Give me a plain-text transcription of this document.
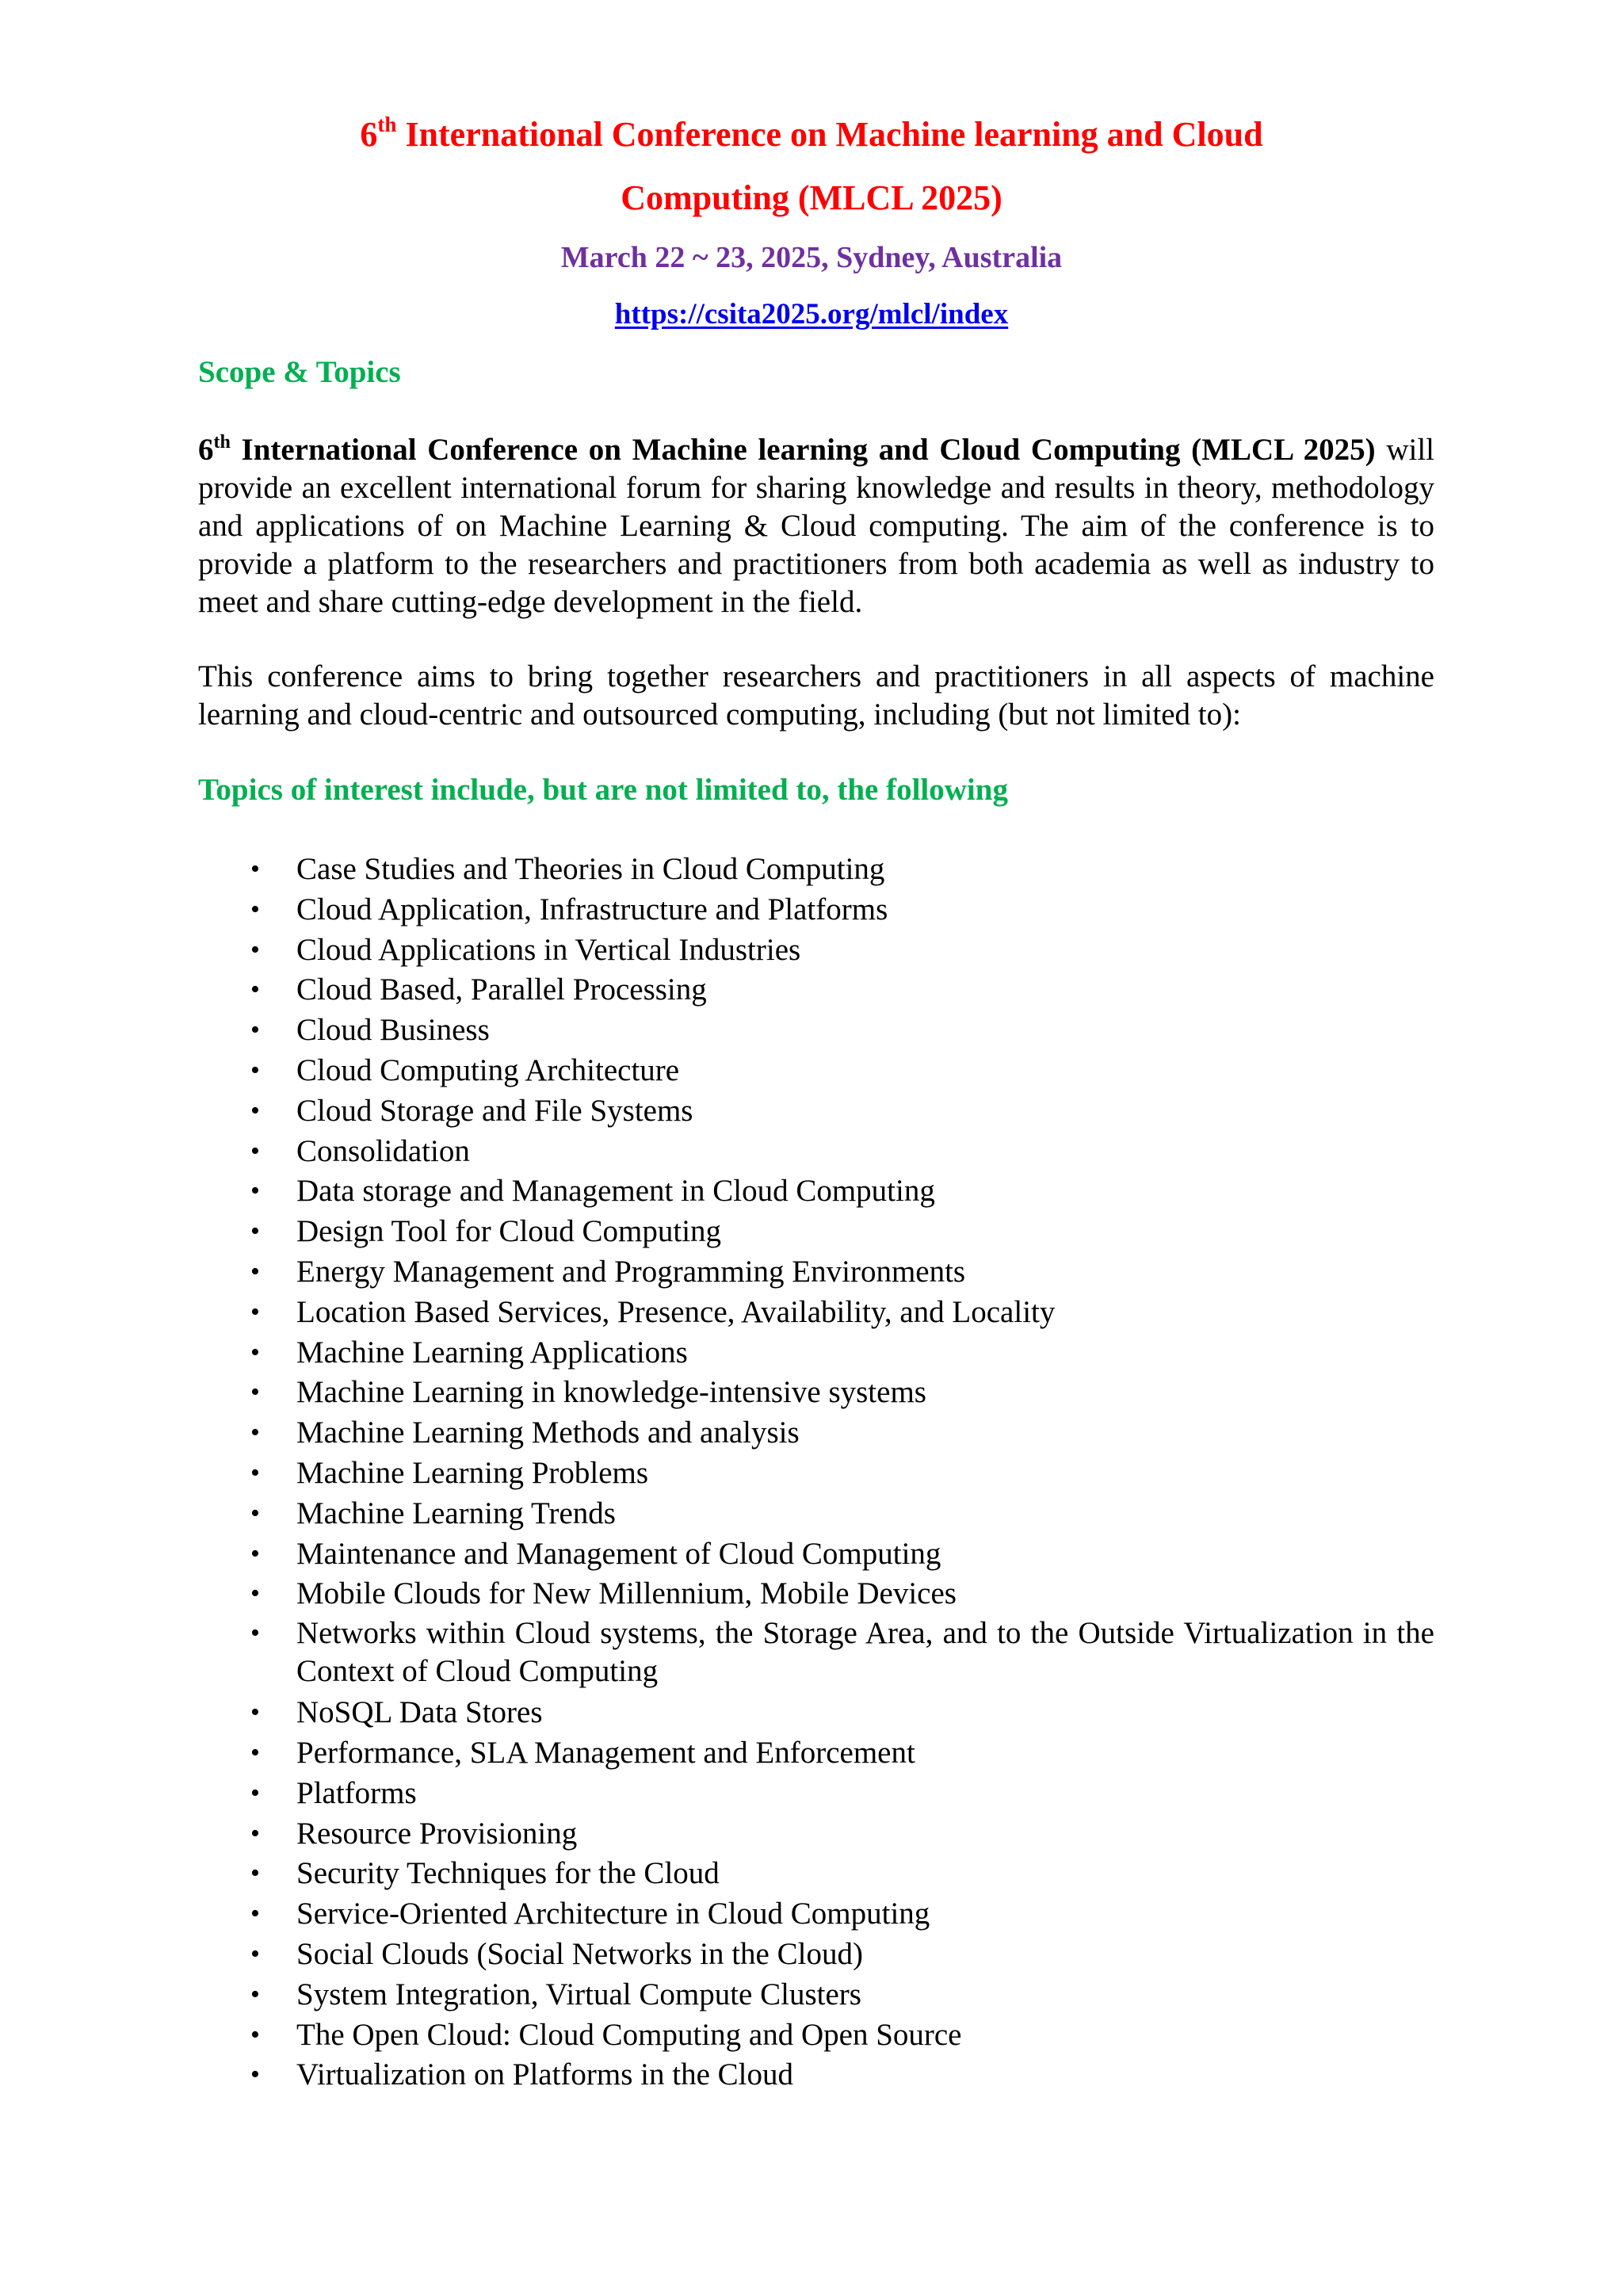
6th International Conference on Machine learning and Cloud
Computing (MLCL 2025)

March 22 ~ 23, 2025, Sydney, Australia

https://csita2025.org/mlcl/index

Scope & Topics

6th International Conference on Machine learning and Cloud Computing (MLCL 2025) will provide an excellent international forum for sharing knowledge and results in theory, methodology and applications of on Machine Learning & Cloud computing. The aim of the conference is to provide a platform to the researchers and practitioners from both academia as well as industry to meet and share cutting-edge development in the field.

This conference aims to bring together researchers and practitioners in all aspects of machine learning and cloud-centric and outsourced computing, including (but not limited to):

Topics of interest include, but are not limited to, the following
• Case Studies and Theories in Cloud Computing
• Cloud Application, Infrastructure and Platforms
• Cloud Applications in Vertical Industries
• Cloud Based, Parallel Processing
• Cloud Business
• Cloud Computing Architecture
• Cloud Storage and File Systems
• Consolidation
• Data storage and Management in Cloud Computing
• Design Tool for Cloud Computing
• Energy Management and Programming Environments
• Location Based Services, Presence, Availability, and Locality
• Machine Learning Applications
• Machine Learning in knowledge-intensive systems
• Machine Learning Methods and analysis
• Machine Learning Problems
• Machine Learning Trends
• Maintenance and Management of Cloud Computing
• Mobile Clouds for New Millennium, Mobile Devices
• Networks within Cloud systems, the Storage Area, and to the Outside Virtualization in the Context of Cloud Computing
• NoSQL Data Stores
• Performance, SLA Management and Enforcement
• Platforms
• Resource Provisioning
• Security Techniques for the Cloud
• Service-Oriented Architecture in Cloud Computing
• Social Clouds (Social Networks in the Cloud)
• System Integration, Virtual Compute Clusters
• The Open Cloud: Cloud Computing and Open Source
• Virtualization on Platforms in the Cloud
